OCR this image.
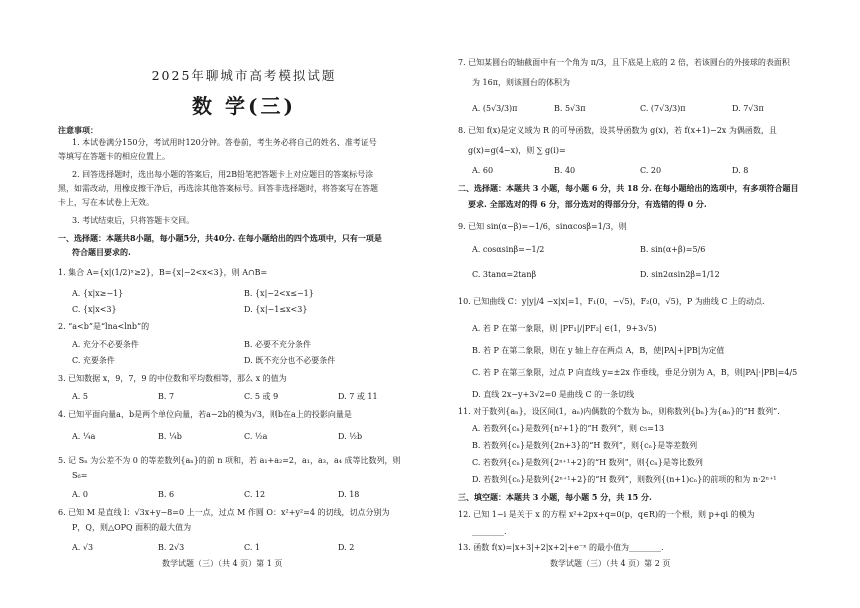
2025年聊城市高考模拟试题
数 学(三)
注意事项：
1. 本试卷满分150分，考试用时120分钟。答卷前，考生务必将自己的姓名、准考证号
等填写在答题卡的相应位置上。
2. 回答选择题时，选出每小题的答案后，用2B铅笔把答题卡上对应题目的答案标号涂
黑，如需改动，用橡皮擦干净后，再选涂其他答案标号。回答非选择题时，将答案写在答题
卡上，写在本试卷上无效。
3. 考试结束后，只将答题卡交回。
一、选择题：本题共8小题，每小题5分，共40分. 在每小题给出的四个选项中，只有一项是
符合题目要求的.
1. 集合 A={x|(1/2)ˣ≥2}，B={x|−2<x<3}，则 A∩B=
A. {x|x≥−1}	B. {x|−2<x≤−1}
C. {x|x<3}	D. {x|−1≤x<3}
2. “a<b”是“lna<lnb”的
A. 充分不必要条件	B. 必要不充分条件
C. 充要条件	D. 既不充分也不必要条件
3. 已知数据 x，9，7，9 的中位数和平均数相等，那么 x 的值为
A. 5	B. 7	C. 5 或 9	D. 7 或 11
4. 已知平面向量a，b是两个单位向量，若a−2b的模为√3，则b在a上的投影向量是
A. ¼a	B. ¼b	C. ½a	D. ½b
5. 记 Sₙ 为公差不为 0 的等差数列{aₙ}的前 n 项和，若 a₁+a₂=2，a₁，a₃，a₄ 成等比数列，则
S₆=
A. 0	B. 6	C. 12	D. 18
6. 已知 M 是直线 l：√3x+y−8=0 上一点，过点 M 作圆 O：x²+y²=4 的切线，切点分别为
P，Q，则△OPQ 面积的最大值为
A. √3	B. 2√3	C. 1	D. 2
数学试题（三）（共 4 页）第 1 页
7. 已知某圆台的轴截面中有一个角为 π/3，且下底是上底的 2 倍，若该圆台的外接球的表面积
为 16π，则该圆台的体积为
A. (5√3/3)π	B. 5√3π	C. (7√3/3)π	D. 7√3π
8. 已知 f(x)是定义域为 R 的可导函数，设其导函数为 g(x)，若 f(x+1)−2x 为偶函数，且
g(x)=g(4−x)，则 ∑ g(i)=
A. 60	B. 40	C. 20	D. 8
二、选择题：本题共 3 小题，每小题 6 分，共 18 分. 在每小题给出的选项中，有多项符合题目
要求. 全部选对的得 6 分，部分选对的得部分分，有选错的得 0 分.
9. 已知 sin(α−β)=−1/6，sinαcosβ=1/3，则
A. cosαsinβ=−1/2	B. sin(α+β)=5/6
C. 3tanα=2tanβ	D. sin2αsin2β=1/12
10. 已知曲线 C：y|y|/4 −x|x|=1，F₁(0，−√5)，F₂(0，√5)，P 为曲线 C 上的动点.
A. 若 P 在第一象限，则 |PF₁|/|PF₂| ∈(1，9+3√5)
B. 若 P 在第二象限，则在 y 轴上存在两点 A，B，使|PA|+|PB|为定值
C. 若 P 在第三象限，过点 P 向直线 y=±2x 作垂线，垂足分别为 A，B，则|PA|·|PB|=4/5
D. 直线 2x−y+3√2=0 是曲线 C 的一条切线
11. 对于数列{aₙ}，设区间(1，aₙ)内偶数的个数为 bₙ，则称数列{bₙ}为{aₙ}的“H 数列”.
A. 若数列{cₙ}是数列{n²+1}的“H 数列”，则 c₅=13
B. 若数列{cₙ}是数列{2n+3}的“H 数列”，则{cₙ}是等差数列
C. 若数列{cₙ}是数列{2ⁿ⁺¹+2}的“H 数列”，则{cₙ}是等比数列
D. 若数列{cₙ}是数列{2ⁿ⁺¹+2}的“H 数列”，则数列{(n+1)cₙ}的前项的和为 n·2ⁿ⁺¹
三、填空题：本题共 3 小题，每小题 5 分，共 15 分.
12. 已知 1−i 是关于 x 的方程 x²+2px+q=0(p，q∈R)的一个根，则 p+qi 的模为
________.
13. 函数 f(x)=|x+3|+2|x+2|+e⁻ˣ 的最小值为________.
数学试题（三）（共 4 页）第 2 页
